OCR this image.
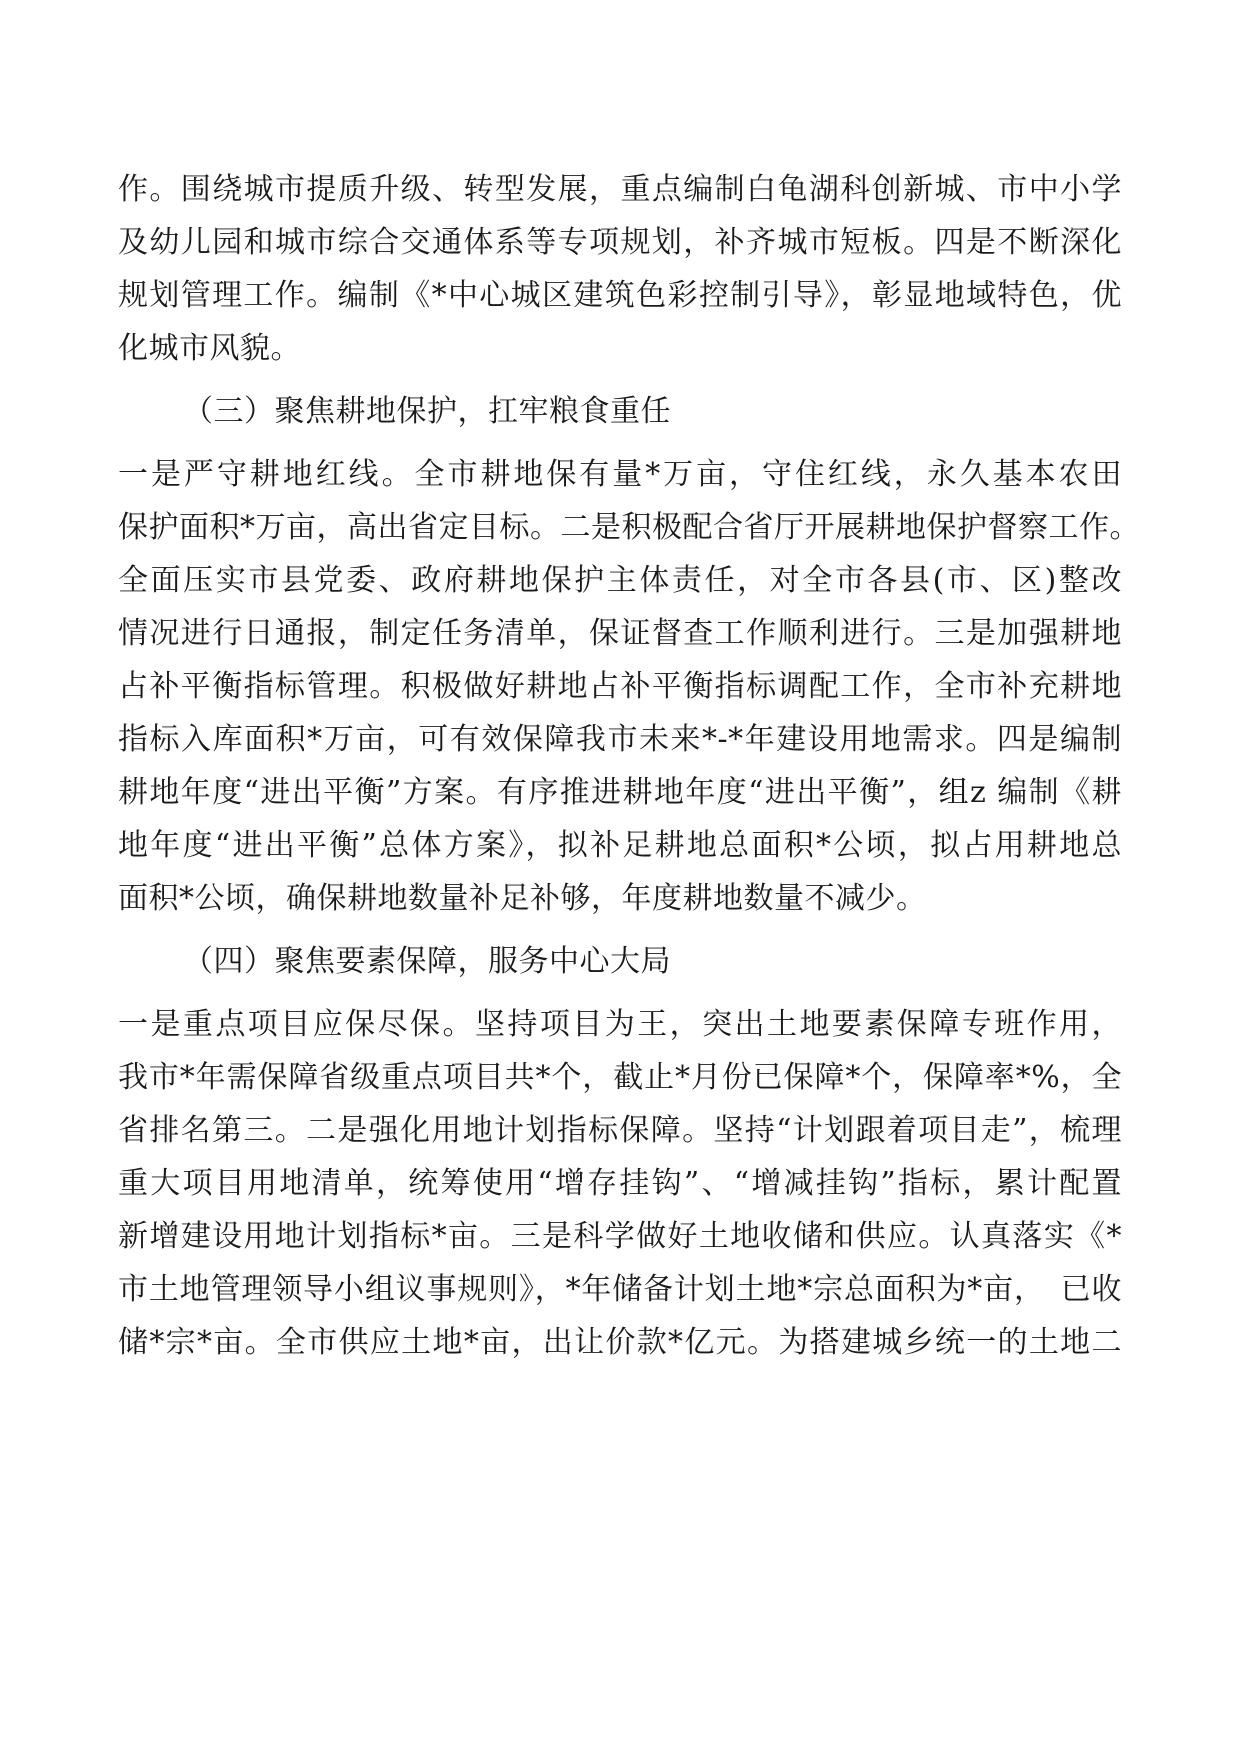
作。围绕城市提质升级、转型发展，重点编制白龟湖科创新城、市中小学
及幼儿园和城市综合交通体系等专项规划，补齐城市短板。四是不断深化
规划管理工作。编制《*中心城区建筑色彩控制引导》，彰显地域特色，优
化城市风貌。
（三）聚焦耕地保护，扛牢粮食重任
一是严守耕地红线。全市耕地保有量*万亩，守住红线，永久基本农田
保护面积*万亩，高出省定目标。二是积极配合省厅开展耕地保护督察工作。
全面压实市县党委、政府耕地保护主体责任，对全市各县(市、区)整改
情况进行日通报，制定任务清单，保证督查工作顺利进行。三是加强耕地
占补平衡指标管理。积极做好耕地占补平衡指标调配工作，全市补充耕地
指标入库面积*万亩，可有效保障我市未来*-*年建设用地需求。四是编制
耕地年度“进出平衡”方案。有序推进耕地年度“进出平衡”，组z 编制《耕
地年度“进出平衡”总体方案》，拟补足耕地总面积*公顷，拟占用耕地总
面积*公顷，确保耕地数量补足补够，年度耕地数量不减少。
（四）聚焦要素保障，服务中心大局
一是重点项目应保尽保。坚持项目为王，突出土地要素保障专班作用，
我市*年需保障省级重点项目共*个，截止*月份已保障*个，保障率*%，全
省排名第三。二是强化用地计划指标保障。坚持“计划跟着项目走”，梳理
重大项目用地清单，统筹使用“增存挂钩”、“增减挂钩”指标，累计配置
新增建设用地计划指标*亩。三是科学做好土地收储和供应。认真落实《*
市土地管理领导小组议事规则》，*年储备计划土地*宗总面积为*亩，　已收
储*宗*亩。全市供应土地*亩，出让价款*亿元。为搭建城乡统一的土地二
